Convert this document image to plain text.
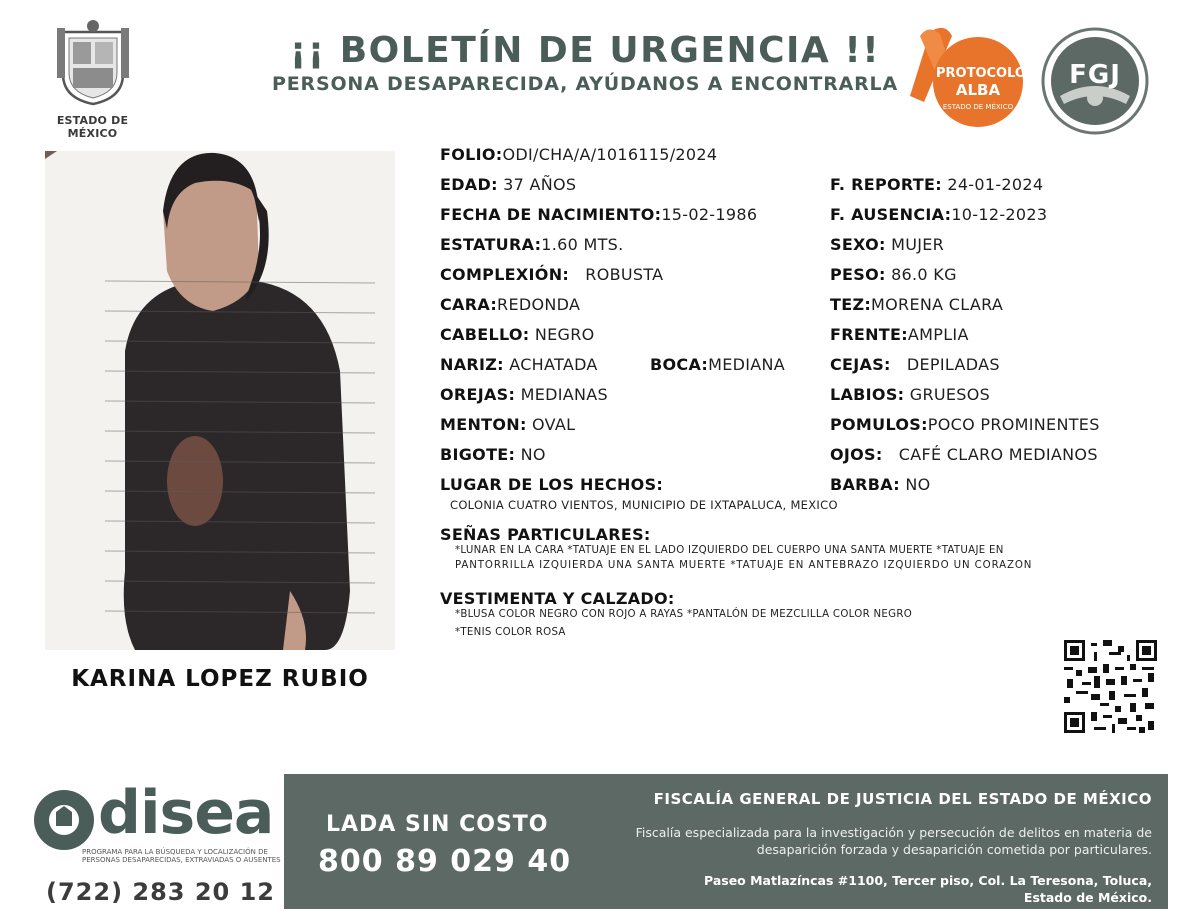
ESTADO DE MÉXICO
¡¡ BOLETÍN DE URGENCIA !!
PERSONA DESAPARECIDA, AYÚDANOS A ENCONTRARLA	PROTOCOLO
ALBA
ESTADO DE MÉXICO
FGJ
KARINA LOPEZ RUBIO
FOLIO:ODI/CHA/A/1016115/2024
EDAD: 37 AÑOS
FECHA DE NACIMIENTO:15-02-1986
ESTATURA:1.60 MTS.
COMPLEXIÓN: ROBUSTA
CARA:REDONDA
CABELLO: NEGRO
NARIZ: ACHATADA	BOCA:MEDIANA
OREJAS: MEDIANAS
MENTON: OVAL
BIGOTE: NO
LUGAR DE LOS HECHOS:
COLONIA CUATRO VIENTOS, MUNICIPIO DE IXTAPALUCA, MEXICO
F. REPORTE: 24-01-2024
F. AUSENCIA:10-12-2023
SEXO: MUJER
PESO: 86.0 KG
TEZ:MORENA CLARA
FRENTE:AMPLIA
CEJAS: DEPILADAS
LABIOS: GRUESOS
POMULOS:POCO PROMINENTES
OJOS: CAFÉ CLARO MEDIANOS
BARBA: NO
SEÑAS PARTICULARES:
*LUNAR EN LA CARA *TATUAJE EN EL LADO IZQUIERDO DEL CUERPO UNA SANTA MUERTE *TATUAJE EN
PANTORRILLA IZQUIERDA UNA SANTA MUERTE *TATUAJE EN ANTEBRAZO IZQUIERDO UN CORAZON
VESTIMENTA Y CALZADO:
*BLUSA COLOR NEGRO CON ROJO A RAYAS *PANTALÓN DE MEZCLILLA COLOR NEGRO
*TENIS COLOR ROSA
disea
PROGRAMA PARA LA BÚSQUEDA Y LOCALIZACIÓN DE PERSONAS DESAPARECIDAS, EXTRAVIADAS O AUSENTES
(722) 283 20 12
LADA SIN COSTO
800 89 029 40
FISCALÍA GENERAL DE JUSTICIA DEL ESTADO DE MÉXICO
Fiscalía especializada para la investigación y persecución de delitos en materia de desaparición forzada y desaparición cometida por particulares.
Paseo Matlazíncas #1100, Tercer piso, Col. La Teresona, Toluca, Estado de México.
